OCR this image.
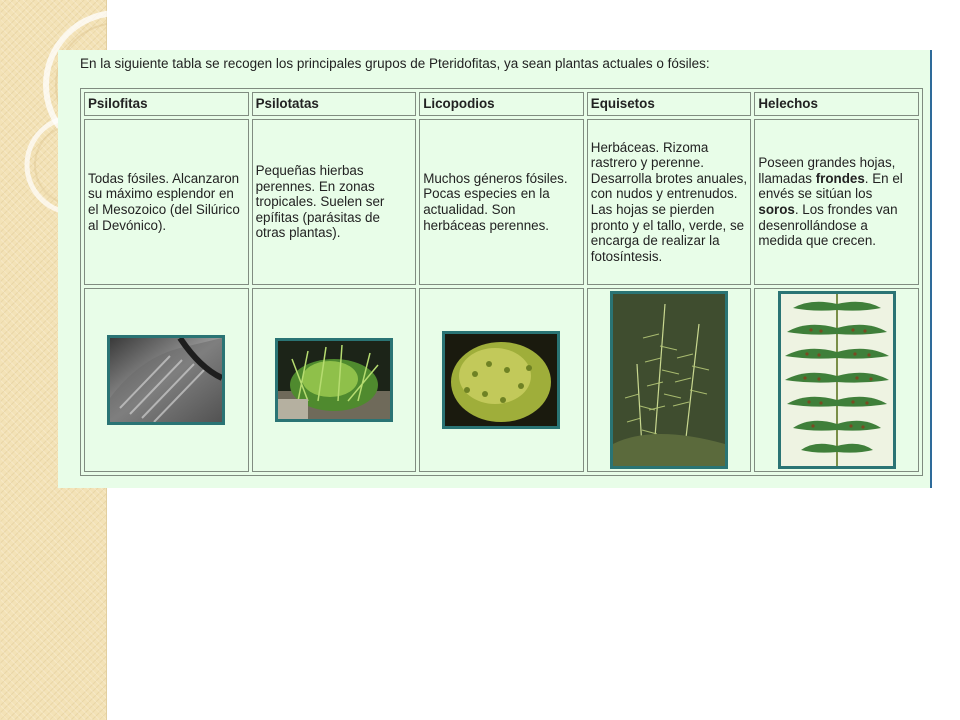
En la siguiente tabla se recogen los principales grupos de Pteridofitas, ya sean plantas actuales o fósiles:
Psilofitas	Psilotatas	Licopodios	Equisetos	Helechos
Todas fósiles. Alcanzaron su máximo esplendor en el Mesozoico (del Silúrico al Devónico).	Pequeñas hierbas perennes. En zonas tropicales. Suelen ser epífitas (parásitas de otras plantas).	Muchos géneros fósiles. Pocas especies en la actualidad. Son herbáceas perennes.	Herbáceas. Rizoma rastrero y perenne. Desarrolla brotes anuales, con nudos y entrenudos. Las hojas se pierden pronto y el tallo, verde, se encarga de realizar la fotosíntesis.	Poseen grandes hojas, llamadas frondes. En el envés se sitúan los soros. Los frondes van desenrollándose a medida que crecen.
